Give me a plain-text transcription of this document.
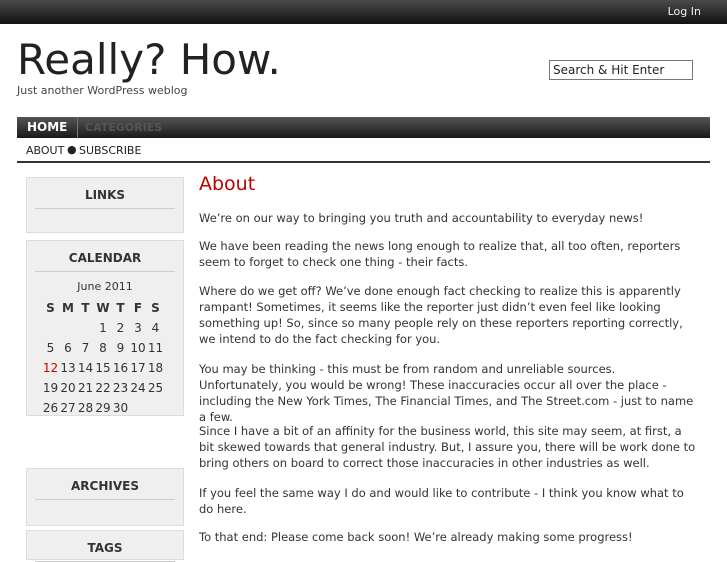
Log In
Really? How.
Just another WordPress weblog
Search & Hit Enter
HOME	CATEGORIES
ABOUT ● SUBSCRIBE
LINKS
CALENDAR
June 2011
S M T W T F S
1 2 3 4
5 6 7 8 9 10 11
12 13 14 15 16 17 18
19 20 21 22 23 24 25
26 27 28 29 30
ARCHIVES
TAGS
About

We’re on our way to bringing you truth and accountability to everyday news!

We have been reading the news long enough to realize that, all too often, reporters seem to forget to check one thing - their facts.

Where do we get off? We’ve done enough fact checking to realize this is apparently rampant! Sometimes, it seems like the reporter just didn’t even feel like looking something up! So, since so many people rely on these reporters reporting correctly, we intend to do the fact checking for you.

You may be thinking - this must be from random and unreliable sources. Unfortunately, you would be wrong! These inaccuracies occur all over the place - including the New York Times, The Financial Times, and The Street.com - just to name a few.

Since I have a bit of an affinity for the business world, this site may seem, at first, a bit skewed towards that general industry. But, I assure you, there will be work done to bring others on board to correct those inaccuracies in other industries as well.

If you feel the same way I do and would like to contribute - I think you know what to do here.

To that end: Please come back soon! We’re already making some progress!
